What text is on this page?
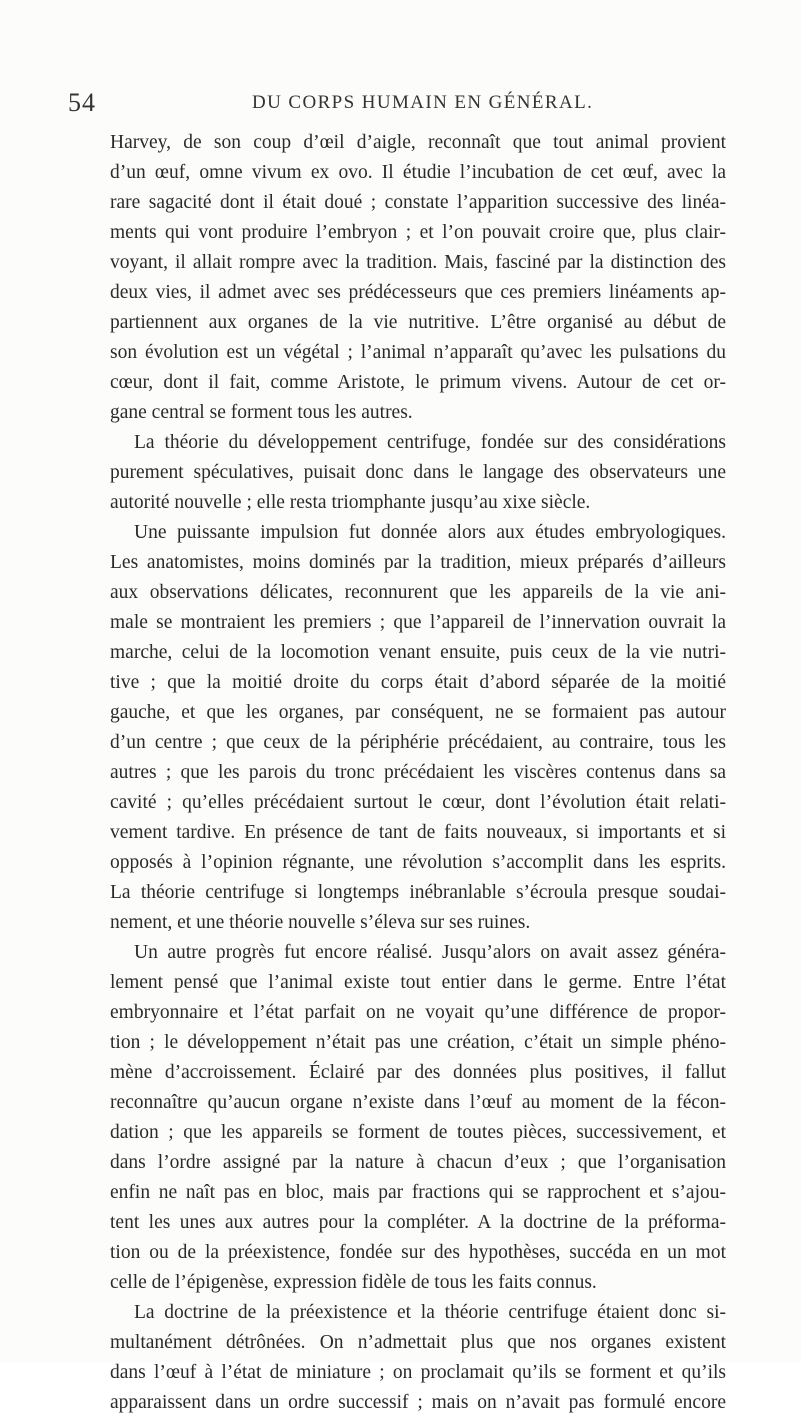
54	DU CORPS HUMAIN EN GÉNÉRAL.
Harvey, de son coup d’œil d’aigle, reconnaît que tout animal provient
d’un œuf, omne vivum ex ovo. Il étudie l’incubation de cet œuf, avec la
rare sagacité dont il était doué ; constate l’apparition successive des linéa-
ments qui vont produire l’embryon ; et l’on pouvait croire que, plus clair-
voyant, il allait rompre avec la tradition. Mais, fasciné par la distinction des
deux vies, il admet avec ses prédécesseurs que ces premiers linéaments ap-
partiennent aux organes de la vie nutritive. L’être organisé au début de
son évolution est un végétal ; l’animal n’apparaît qu’avec les pulsations du
cœur, dont il fait, comme Aristote, le primum vivens. Autour de cet or-
gane central se forment tous les autres.
La théorie du développement centrifuge, fondée sur des considérations
purement spéculatives, puisait donc dans le langage des observateurs une
autorité nouvelle ; elle resta triomphante jusqu’au xixe siècle.
Une puissante impulsion fut donnée alors aux études embryologiques.
Les anatomistes, moins dominés par la tradition, mieux préparés d’ailleurs
aux observations délicates, reconnurent que les appareils de la vie ani-
male se montraient les premiers ; que l’appareil de l’innervation ouvrait la
marche, celui de la locomotion venant ensuite, puis ceux de la vie nutri-
tive ; que la moitié droite du corps était d’abord séparée de la moitié
gauche, et que les organes, par conséquent, ne se formaient pas autour
d’un centre ; que ceux de la périphérie précédaient, au contraire, tous les
autres ; que les parois du tronc précédaient les viscères contenus dans sa
cavité ; qu’elles précédaient surtout le cœur, dont l’évolution était relati-
vement tardive. En présence de tant de faits nouveaux, si importants et si
opposés à l’opinion régnante, une révolution s’accomplit dans les esprits.
La théorie centrifuge si longtemps inébranlable s’écroula presque soudai-
nement, et une théorie nouvelle s’éleva sur ses ruines.
Un autre progrès fut encore réalisé. Jusqu’alors on avait assez généra-
lement pensé que l’animal existe tout entier dans le germe. Entre l’état
embryonnaire et l’état parfait on ne voyait qu’une différence de propor-
tion ; le développement n’était pas une création, c’était un simple phéno-
mène d’accroissement. Éclairé par des données plus positives, il fallut
reconnaître qu’aucun organe n’existe dans l’œuf au moment de la fécon-
dation ; que les appareils se forment de toutes pièces, successivement, et
dans l’ordre assigné par la nature à chacun d’eux ; que l’organisation
enfin ne naît pas en bloc, mais par fractions qui se rapprochent et s’ajou-
tent les unes aux autres pour la compléter. A la doctrine de la préforma-
tion ou de la préexistence, fondée sur des hypothèses, succéda en un mot
celle de l’épigenèse, expression fidèle de tous les faits connus.
La doctrine de la préexistence et la théorie centrifuge étaient donc si-
multanément détrônées. On n’admettait plus que nos organes existent
dans l’œuf à l’état de miniature ; on proclamait qu’ils se forment et qu’ils
apparaissent dans un ordre successif ; mais on n’avait pas formulé encore
